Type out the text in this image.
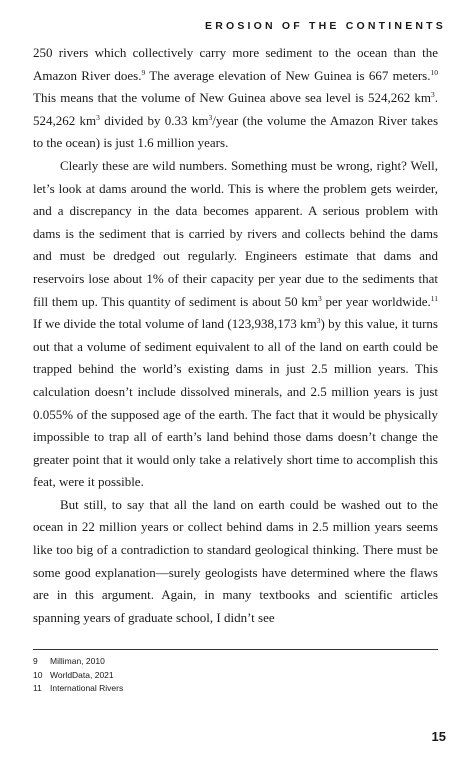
EROSION OF THE CONTINENTS

250 rivers which collectively carry more sediment to the ocean than the Amazon River does.$^9$ The average elevation of New Guinea is 667 meters.$^{10}$ This means that the volume of New Guinea above sea level is 524,262 $km^3$. 524,262 $km^3$ divided by 0.33 $km^3$/year (the volume the Amazon River takes to the ocean) is just 1.6 million years.

Clearly these are wild numbers. Something must be wrong, right? Well, let’s look at dams around the world. This is where the problem gets weirder, and a discrepancy in the data becomes apparent. A serious problem with dams is the sediment that is carried by rivers and collects behind the dams and must be dredged out regularly. Engineers estimate that dams and reservoirs lose about 1% of their capacity per year due to the sediments that fill them up. This quantity of sediment is about 50 $km^3$ per year worldwide.$^{11}$ If we divide the total volume of land (123,938,173 $km^3$) by this value, it turns out that a volume of sediment equivalent to all of the land on earth could be trapped behind the world’s existing dams in just 2.5 million years. This calculation doesn’t include dissolved minerals, and 2.5 million years is just 0.055% of the supposed age of the earth. The fact that it would be physically impossible to trap all of earth’s land behind those dams doesn’t change the greater point that it would only take a relatively short time to accomplish this feat, were it possible.

But still, to say that all the land on earth could be washed out to the ocean in 22 million years or collect behind dams in 2.5 million years seems like too big of a contradiction to standard geological thinking. There must be some good explanation—surely geologists have determined where the flaws are in this argument. Again, in many textbooks and scientific articles spanning years of graduate school, I didn’t see

9 Milliman, 2010
10 WorldData, 2021
11 International Rivers
15
